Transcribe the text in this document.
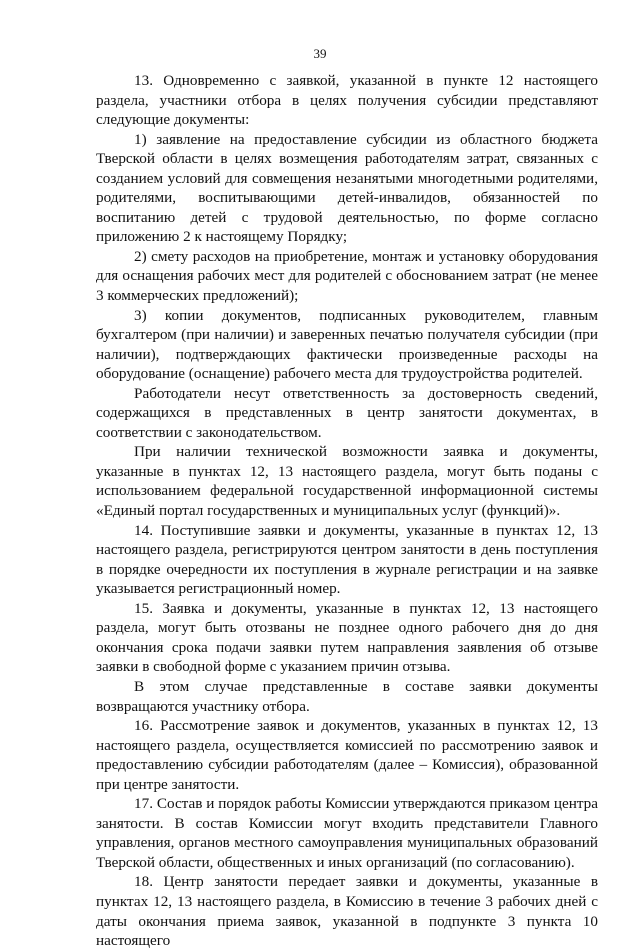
39

13. Одновременно с заявкой, указанной в пункте 12 настоящего раздела, участники отбора в целях получения субсидии представляют следующие документы:

1) заявление на предоставление субсидии из областного бюджета Тверской области в целях возмещения работодателям затрат, связанных с созданием условий для совмещения незанятыми многодетными родителями, родителями, воспитывающими детей-инвалидов, обязанностей по воспитанию детей с трудовой деятельностью, по форме согласно приложению 2 к настоящему Порядку;

2) смету расходов на приобретение, монтаж и установку оборудования для оснащения рабочих мест для родителей с обоснованием затрат (не менее 3 коммерческих предложений);

3) копии документов, подписанных руководителем, главным бухгалтером (при наличии) и заверенных печатью получателя субсидии (при наличии), подтверждающих фактически произведенные расходы на оборудование (оснащение) рабочего места для трудоустройства родителей.

Работодатели несут ответственность за достоверность сведений, содержащихся в представленных в центр занятости документах, в соответствии с законодательством.

При наличии технической возможности заявка и документы, указанные в пунктах 12, 13 настоящего раздела, могут быть поданы с использованием федеральной государственной информационной системы «Единый портал государственных и муниципальных услуг (функций)».

14. Поступившие заявки и документы, указанные в пунктах 12, 13 настоящего раздела, регистрируются центром занятости в день поступления в порядке очередности их поступления в журнале регистрации и на заявке указывается регистрационный номер.

15. Заявка и документы, указанные в пунктах 12, 13 настоящего раздела, могут быть отозваны не позднее одного рабочего дня до дня окончания срока подачи заявки путем направления заявления об отзыве заявки в свободной форме с указанием причин отзыва.

В этом случае представленные в составе заявки документы возвращаются участнику отбора.

16. Рассмотрение заявок и документов, указанных в пунктах 12, 13 настоящего раздела, осуществляется комиссией по рассмотрению заявок и предоставлению субсидии работодателям (далее – Комиссия), образованной при центре занятости.

17. Состав и порядок работы Комиссии утверждаются приказом центра занятости. В состав Комиссии могут входить представители Главного управления, органов местного самоуправления муниципальных образований Тверской области, общественных и иных организаций (по согласованию).

18. Центр занятости передает заявки и документы, указанные в пунктах 12, 13 настоящего раздела, в Комиссию в течение 3 рабочих дней с даты окончания приема заявок, указанной в подпункте 3 пункта 10 настоящего
